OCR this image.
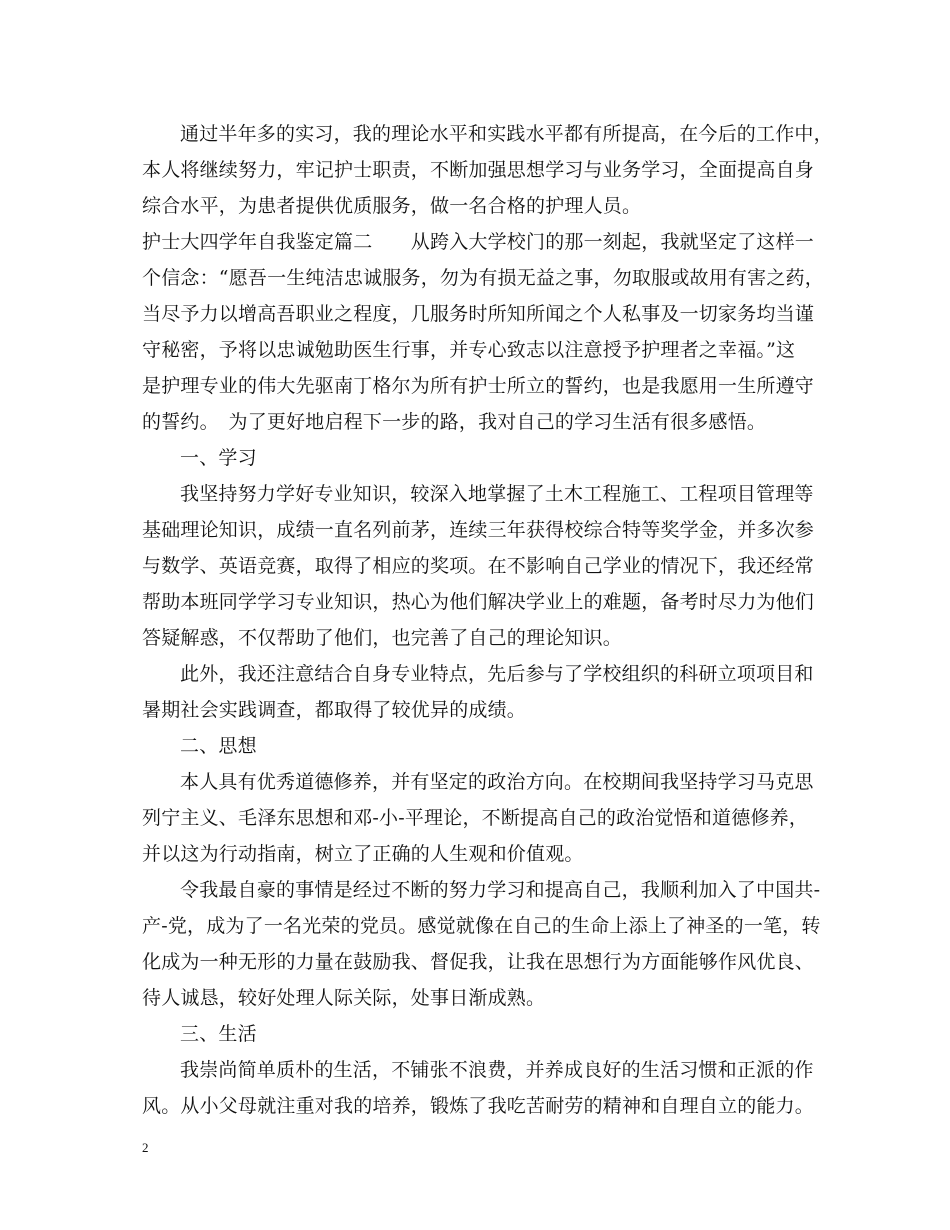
通过半年多的实习，我的理论水平和实践水平都有所提高，在今后的工作中，
本人将继续努力，牢记护士职责，不断加强思想学习与业务学习，全面提高自身
综合水平，为患者提供优质服务，做一名合格的护理人员。
护士大四学年自我鉴定篇二　　从跨入大学校门的那一刻起，我就坚定了这样一
个信念：“愿吾一生纯洁忠诚服务，勿为有损无益之事，勿取服或故用有害之药，
当尽予力以增高吾职业之程度，几服务时所知所闻之个人私事及一切家务均当谨
守秘密，予将以忠诚勉助医生行事，并专心致志以注意授予护理者之幸福。”这
是护理专业的伟大先驱南丁格尔为所有护士所立的誓约，也是我愿用一生所遵守
的誓约。　为了更好地启程下一步的路，我对自己的学习生活有很多感悟。
一、学习
我坚持努力学好专业知识，较深入地掌握了土木工程施工、工程项目管理等
基础理论知识，成绩一直名列前茅，连续三年获得校综合特等奖学金，并多次参
与数学、英语竞赛，取得了相应的奖项。在不影响自己学业的情况下，我还经常
帮助本班同学学习专业知识，热心为他们解决学业上的难题，备考时尽力为他们
答疑解惑，不仅帮助了他们，也完善了自己的理论知识。
此外，我还注意结合自身专业特点，先后参与了学校组织的科研立项项目和
暑期社会实践调查，都取得了较优异的成绩。
二、思想
本人具有优秀道德修养，并有坚定的政治方向。在校期间我坚持学习马克思
列宁主义、毛泽东思想和邓-小-平理论，不断提高自己的政治觉悟和道德修养，
并以这为行动指南，树立了正确的人生观和价值观。
令我最自豪的事情是经过不断的努力学习和提高自己，我顺利加入了中国共-
产-党，成为了一名光荣的党员。感觉就像在自己的生命上添上了神圣的一笔，转
化成为一种无形的力量在鼓励我、督促我，让我在思想行为方面能够作风优良、
待人诚恳，较好处理人际关际，处事日渐成熟。
三、生活
我崇尚简单质朴的生活，不铺张不浪费，并养成良好的生活习惯和正派的作
风。从小父母就注重对我的培养，锻炼了我吃苦耐劳的精神和自理自立的能力。
2
